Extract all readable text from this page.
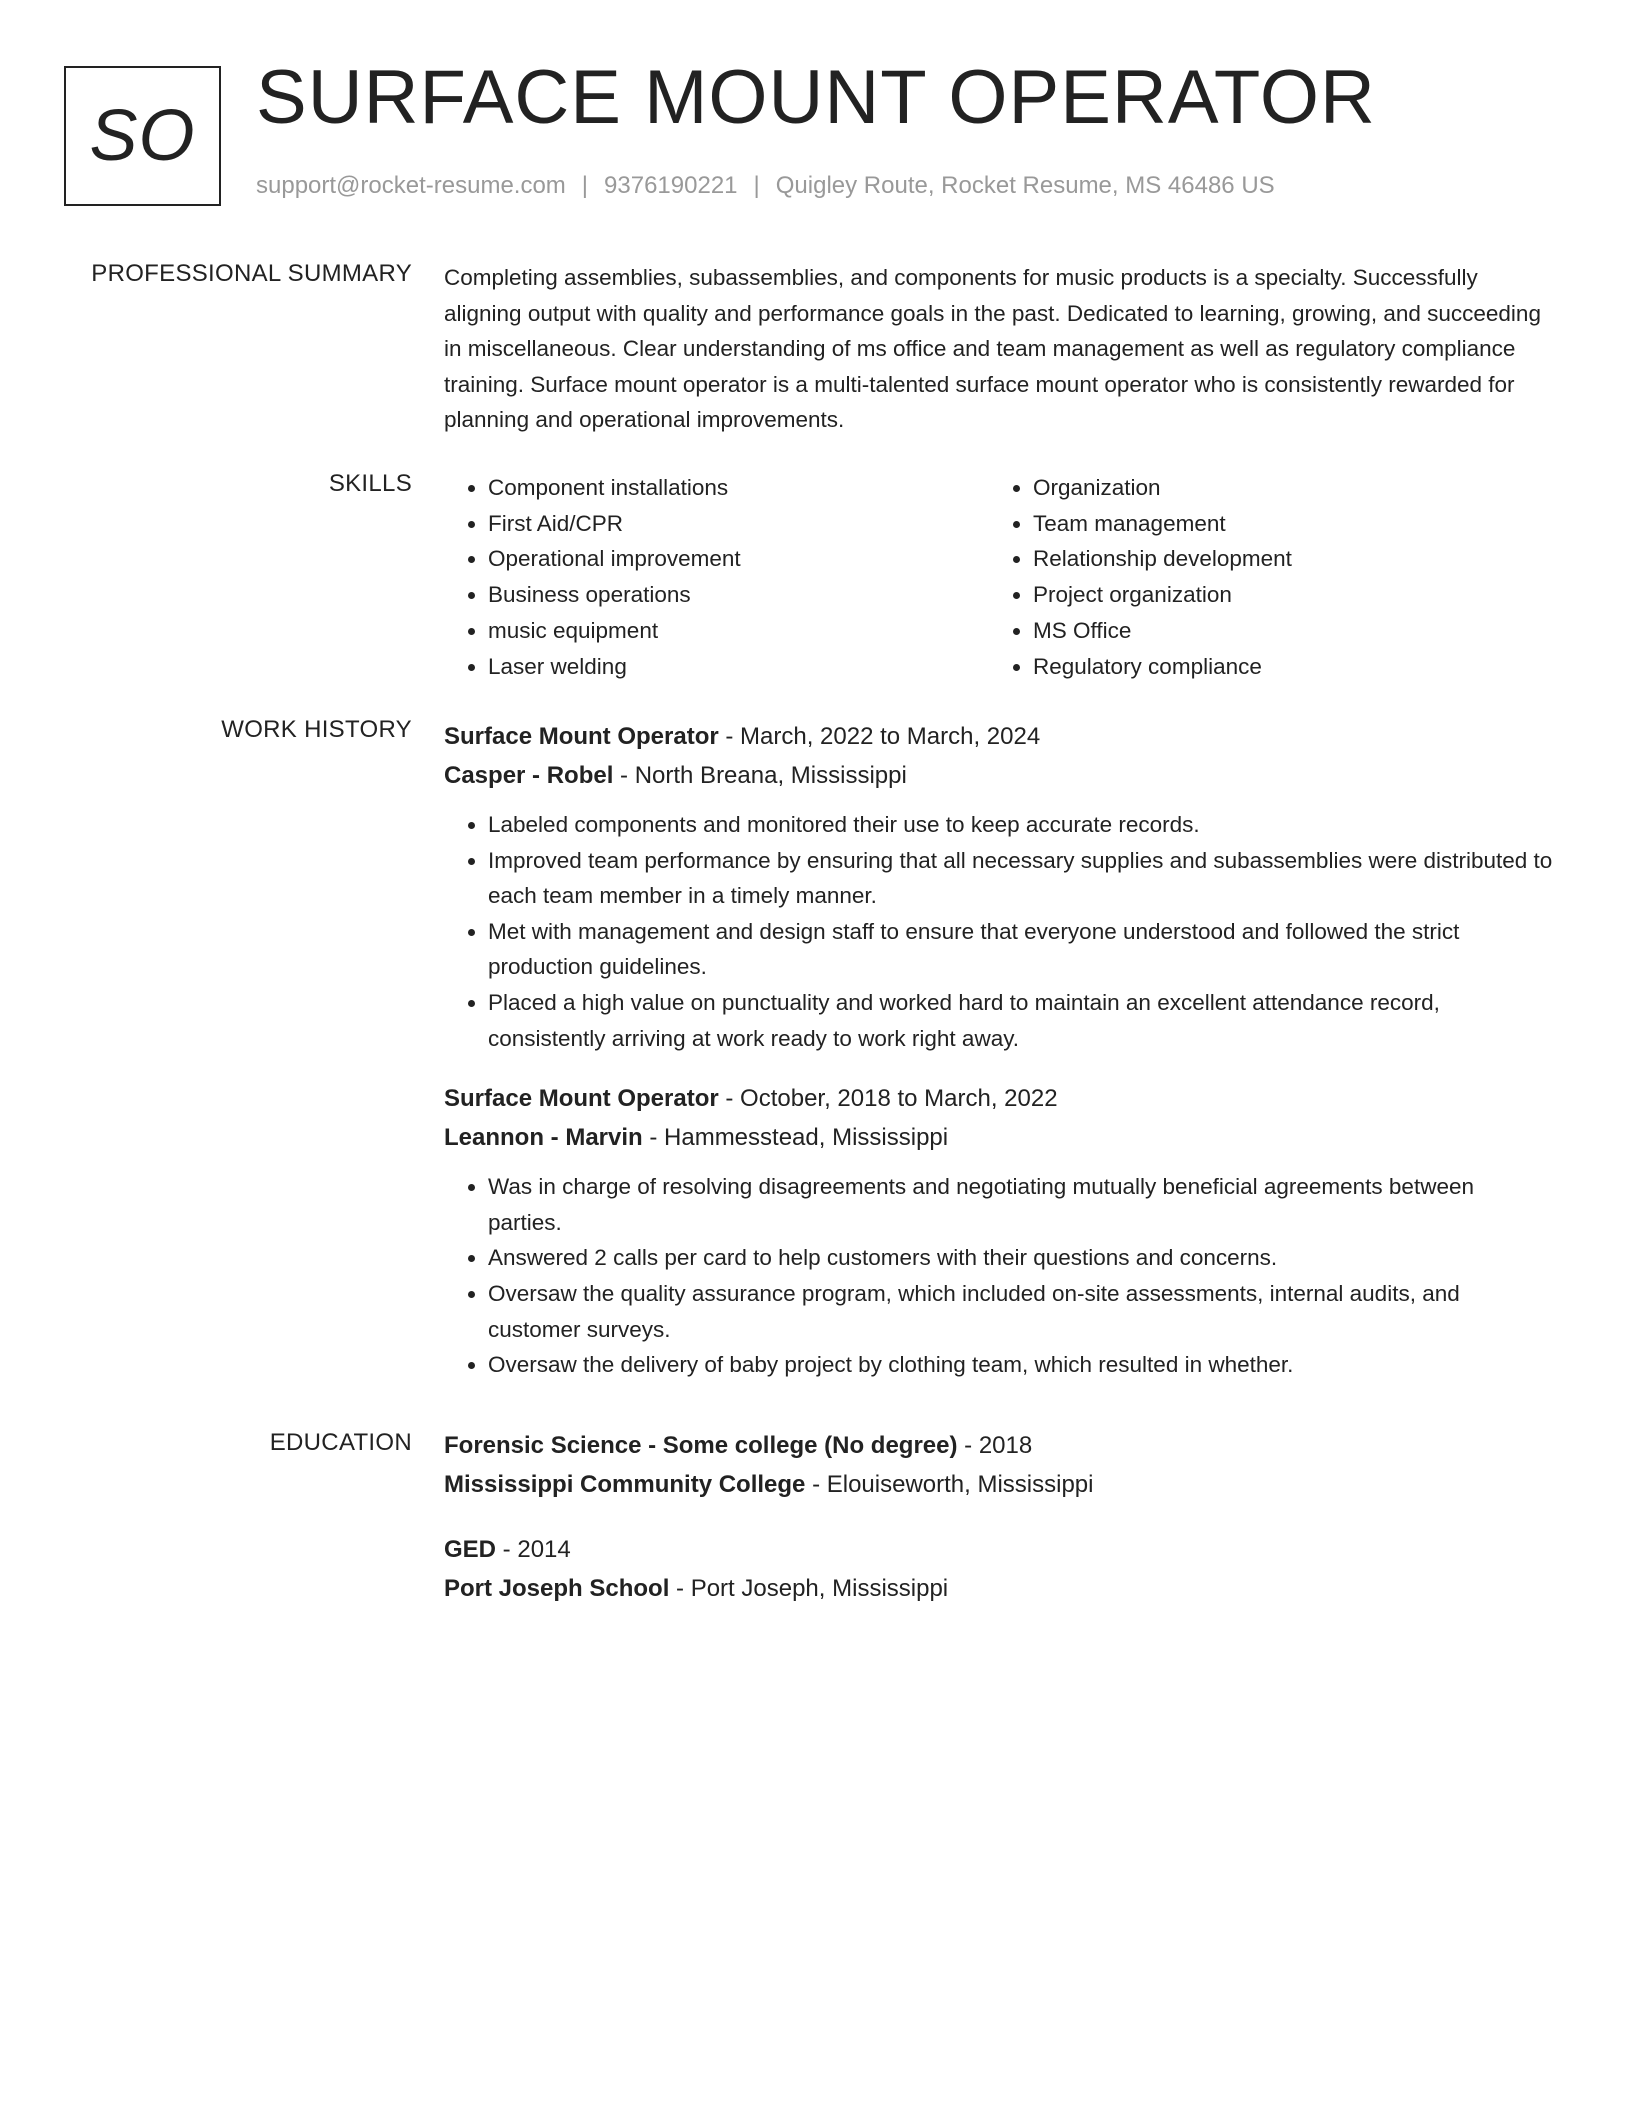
SO SURFACE MOUNT OPERATOR
support@rocket-resume.com | 9376190221 | Quigley Route, Rocket Resume, MS 46486 US
PROFESSIONAL SUMMARY Completing assemblies, subassemblies, and components for music products is a specialty. Successfully aligning output with quality and performance goals in the past. Dedicated to learning, growing, and succeeding in miscellaneous. Clear understanding of ms office and team management as well as regulatory compliance training. Surface mount operator is a multi-talented surface mount operator who is consistently rewarded for planning and operational improvements.

SKILLS
•	Component installations
• First Aid/CPR
• Operational improvement
• Business operations
• music equipment
• Laser welding
• Organization
• Team management
• Relationship development
• Project organization
• MS Office
• Regulatory compliance
WORK HISTORY Surface Mount Operator - March, 2022 to March, 2024

Casper - Robel - North Breana, Mississippi

• Labeled components and monitored their use to keep accurate records.
• Improved team performance by ensuring that all necessary supplies and subassemblies were distributed to each team member in a timely manner.
• Met with management and design staff to ensure that everyone understood and followed the strict production guidelines.
• Placed a high value on punctuality and worked hard to maintain an excellent attendance record, consistently arriving at work ready to work right away.

Surface Mount Operator - October, 2018 to March, 2022

Leannon - Marvin - Hammesstead, Mississippi

• Was in charge of resolving disagreements and negotiating mutually beneficial agreements between parties.
• Answered 2 calls per card to help customers with their questions and concerns.
• Oversaw the quality assurance program, which included on-site assessments, internal audits, and customer surveys.
• Oversaw the delivery of baby project by clothing team, which resulted in whether.
EDUCATION Forensic Science - Some college (No degree) - 2018

Mississippi Community College - Elouiseworth, Mississippi

GED - 2014

Port Joseph School - Port Joseph, Mississippi
